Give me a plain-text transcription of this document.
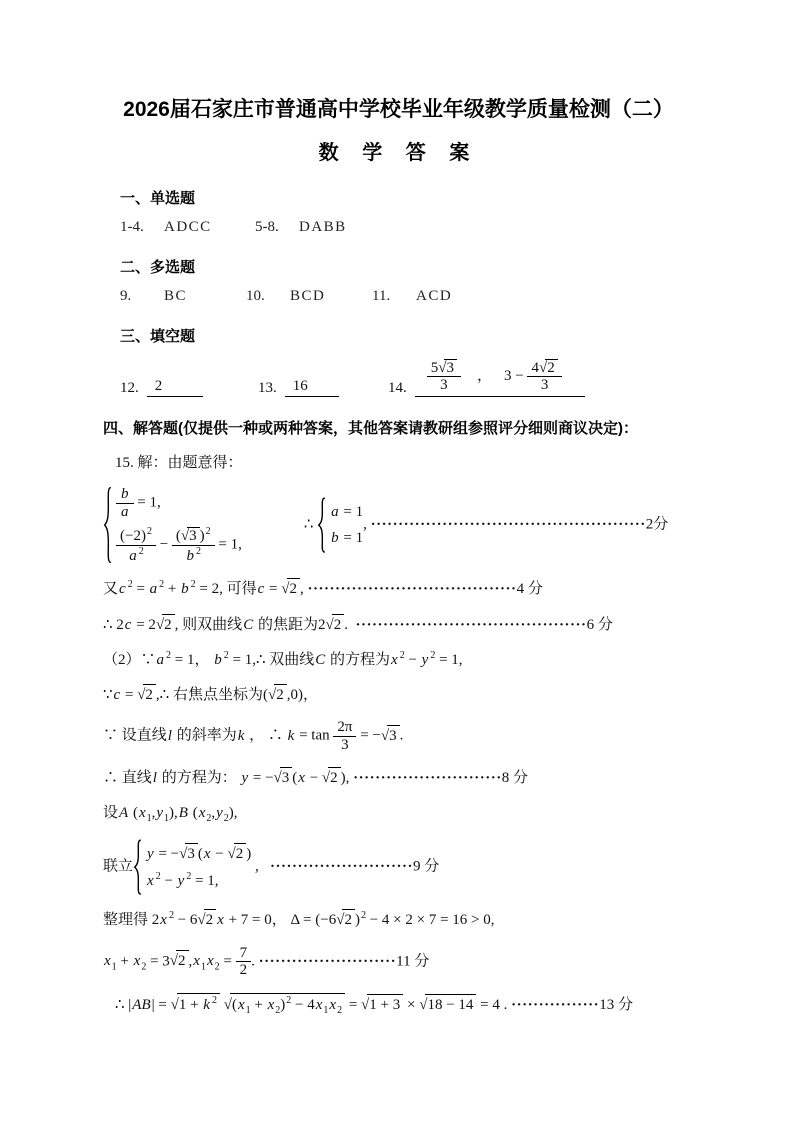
2026届石家庄市普通高中学校毕业年级教学质量检测（二）
数 学 答 案
一、单选题
1-4. ADCC	5-8. DABB
二、多选题
9. BC	10. BCD	11. ACD
三、填空题
12.	2	13.	16	14. $\frac{5√3}{3}$ ， $3 - \frac{4√2}{3}$
四、解答题(仅提供一种或两种答案，其他答案请教研组参照评分细则商议决定)：
15. 解：由题意得：
$\frac{b}{a} = 1$,
$\frac{(-2)^2}{a ^2} - \frac{(√3 )^2}{b ^2} = 1$,
∴
a = 1
b = 1
, ··················································2分
又c $^2$ = a $^2$ + b $^2$ = 2, 可得c = √2 , ······································4 分
∴ 2c = 2√2 , 则双曲线C 的焦距为2√2 .  ··········································6 分
（2）∵a $^2$ = 1， b $^2$ = 1,∴ 双曲线C 的方程为x $^2$ − y $^2$ = 1,
∵c = √2 ,∴ 右焦点坐标为(√2 ,0)，
∵ 设直线l 的斜率为k ， ∴ $k = \tan \frac{2\pi}{3} = -√3$ .
∴ 直线l 的方程为： y = −√3 (x − √2 ), ···························8 分
设A $(x_1,y_1),B$ $(x_2,y_2)$,
联立
y = −√3 (x − √2 )
x $^2$ − y $^2$ = 1,
,   ··························9 分
整理得 2x $^2$ − 6√2 x + 7 = 0， Δ = (−6√2 )$^2$ − 4 × 2 × 7 = 16 > 0,
$x_1 + x_2 = 3√2$ $,x_1x_2 = \frac{7}{2}$ . ·························11 分
∴ |AB| = √1 + k $^2$ $√(x_1 + x_2)^2 - 4x_1x_2 = √1 + 3 \times √18 - 14 = 4$ . ················13 分
